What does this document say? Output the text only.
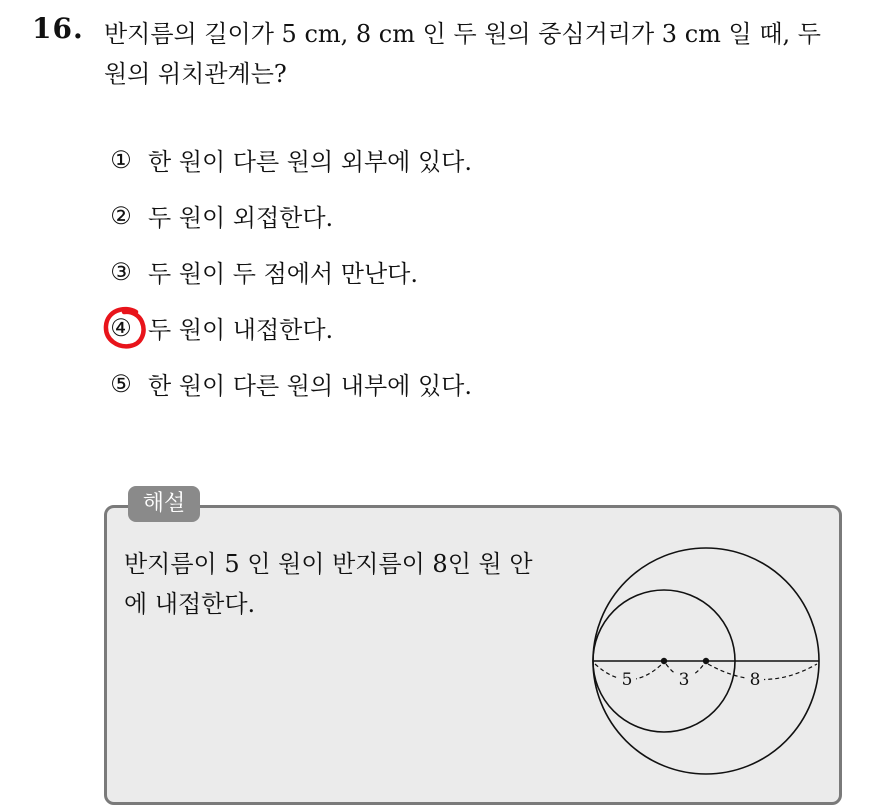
16. 반지름의 길이가 5 cm, 8 cm 인 두 원의 중심거리가 3 cm 일 때, 두
원의 위치관계는?
① 한 원이 다른 원의 외부에 있다.
② 두 원이 외접한다.
③ 두 원이 두 점에서 만난다.
④ 두 원이 내접한다.
⑤ 한 원이 다른 원의 내부에 있다.
해설
반지름이 5 인 원이 반지름이 8인 원 안
에 내접한다.
5	3	8
